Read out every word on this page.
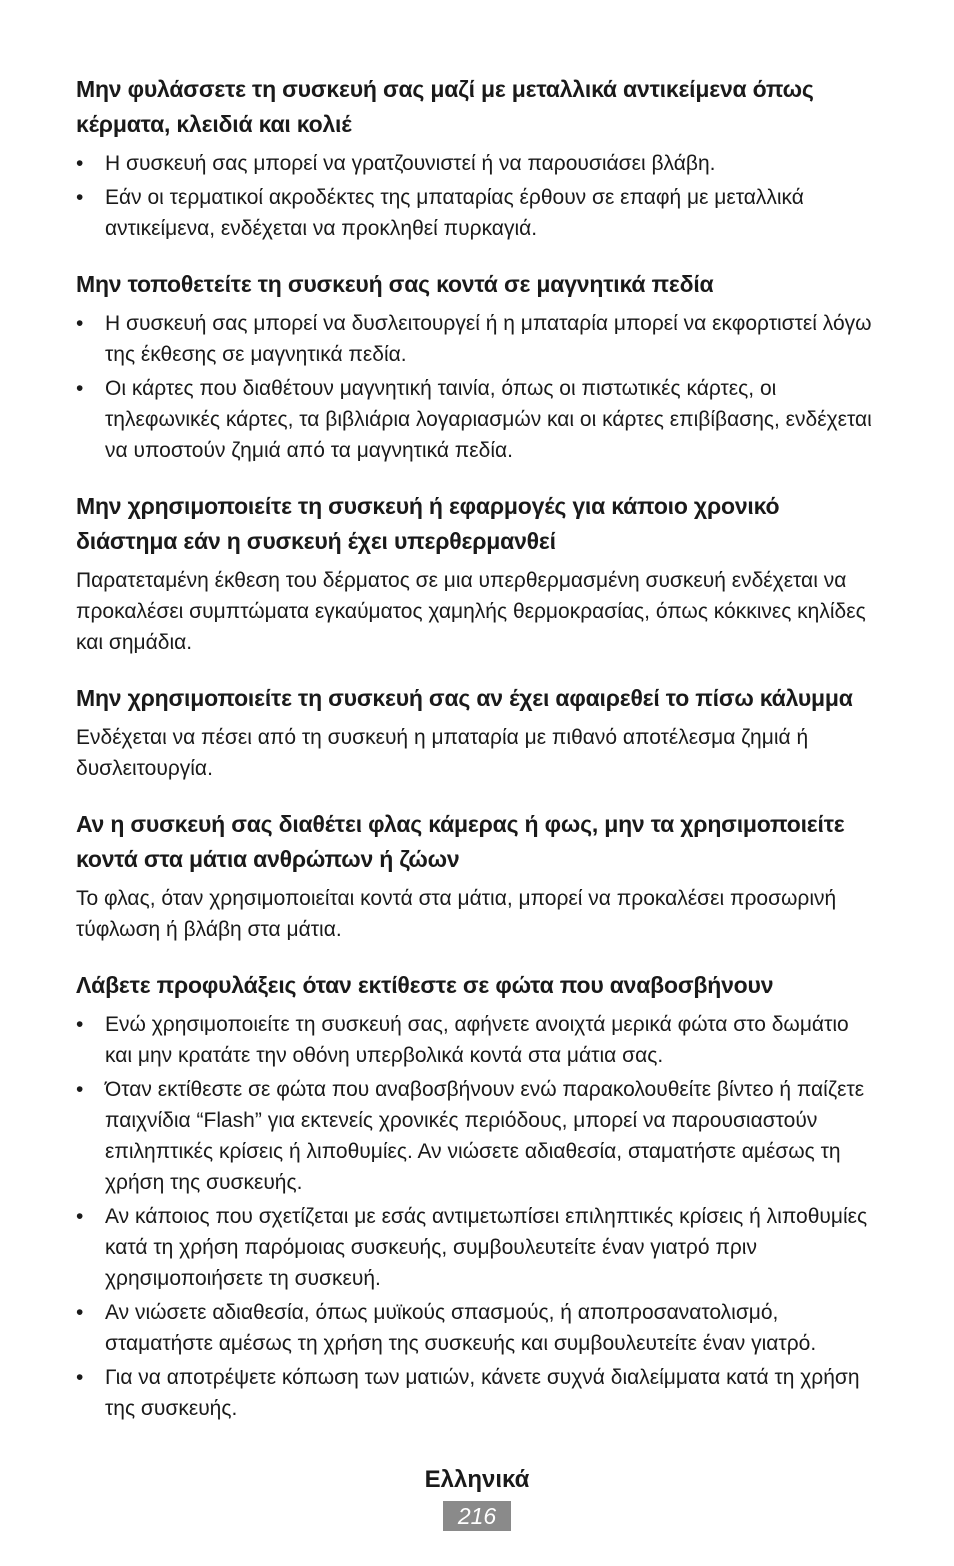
Μην φυλάσσετε τη συσκευή σας μαζί με μεταλλικά αντικείμενα όπως κέρματα, κλειδιά και κολιέ
• Η συσκευή σας μπορεί να γρατζουνιστεί ή να παρουσιάσει βλάβη.
• Εάν οι τερματικοί ακροδέκτες της μπαταρίας έρθουν σε επαφή με μεταλλικά αντικείμενα, ενδέχεται να προκληθεί πυρκαγιά.
Μην τοποθετείτε τη συσκευή σας κοντά σε μαγνητικά πεδία
• Η συσκευή σας μπορεί να δυσλειτουργεί ή η μπαταρία μπορεί να εκφορτιστεί λόγω της έκθεσης σε μαγνητικά πεδία.
• Οι κάρτες που διαθέτουν μαγνητική ταινία, όπως οι πιστωτικές κάρτες, οι τηλεφωνικές κάρτες, τα βιβλιάρια λογαριασμών και οι κάρτες επιβίβασης, ενδέχεται να υποστούν ζημιά από τα μαγνητικά πεδία.
Μην χρησιμοποιείτε τη συσκευή ή εφαρμογές για κάποιο χρονικό διάστημα εάν η συσκευή έχει υπερθερμανθεί

Παρατεταμένη έκθεση του δέρματος σε μια υπερθερμασμένη συσκευή ενδέχεται να προκαλέσει συμπτώματα εγκαύματος χαμηλής θερμοκρασίας, όπως κόκκινες κηλίδες και σημάδια.

Μην χρησιμοποιείτε τη συσκευή σας αν έχει αφαιρεθεί το πίσω κάλυμμα

Ενδέχεται να πέσει από τη συσκευή η μπαταρία με πιθανό αποτέλεσμα ζημιά ή δυσλειτουργία.

Αν η συσκευή σας διαθέτει φλας κάμερας ή φως, μην τα χρησιμοποιείτε κοντά στα μάτια ανθρώπων ή ζώων

Το φλας, όταν χρησιμοποιείται κοντά στα μάτια, μπορεί να προκαλέσει προσωρινή τύφλωση ή βλάβη στα μάτια.

Λάβετε προφυλάξεις όταν εκτίθεστε σε φώτα που αναβοσβήνουν
• Ενώ χρησιμοποιείτε τη συσκευή σας, αφήνετε ανοιχτά μερικά φώτα στο δωμάτιο και μην κρατάτε την οθόνη υπερβολικά κοντά στα μάτια σας.
• Όταν εκτίθεστε σε φώτα που αναβοσβήνουν ενώ παρακολουθείτε βίντεο ή παίζετε παιχνίδια “Flash” για εκτενείς χρονικές περιόδους, μπορεί να παρουσιαστούν επιληπτικές κρίσεις ή λιποθυμίες. Αν νιώσετε αδιαθεσία, σταματήστε αμέσως τη χρήση της συσκευής.
• Αν κάποιος που σχετίζεται με εσάς αντιμετωπίσει επιληπτικές κρίσεις ή λιποθυμίες κατά τη χρήση παρόμοιας συσκευής, συμβουλευτείτε έναν γιατρό πριν χρησιμοποιήσετε τη συσκευή.
• Αν νιώσετε αδιαθεσία, όπως μυϊκούς σπασμούς, ή αποπροσανατολισμό, σταματήστε αμέσως τη χρήση της συσκευής και συμβουλευτείτε έναν γιατρό.
• Για να αποτρέψετε κόπωση των ματιών, κάνετε συχνά διαλείμματα κατά τη χρήση της συσκευής.
Ελληνικά
216
